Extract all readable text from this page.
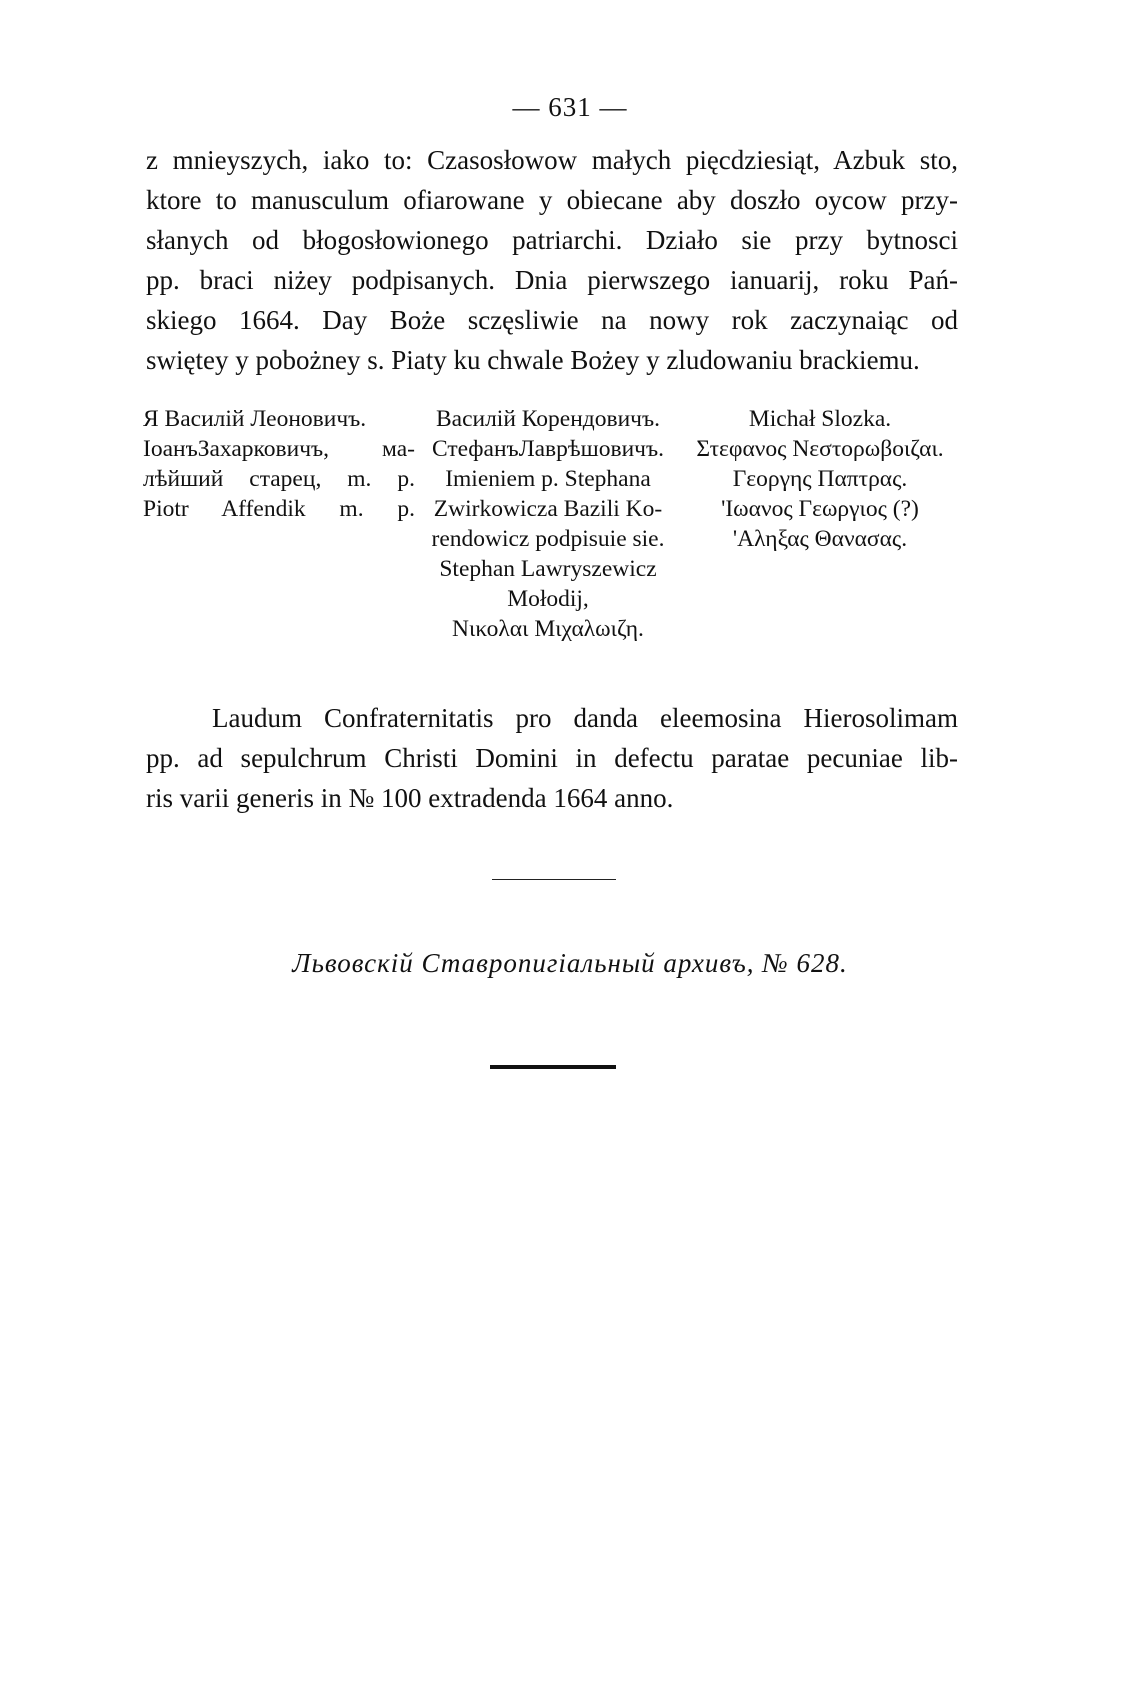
— 631 —
z mnieyszych, iako to: Czasosłowow małych pięcdziesiąt, Azbuk sto,
ktore to manusculum ofiarowane y obiecane aby doszło oycow przy-
słanych od błogosłowionego patriarchi. Działo sie przy bytnosci
pp. braci niżey podpisanych. Dnia pierwszego ianuarij, roku Pań-
skiego 1664. Day Boże sczęsliwie na nowy rok zaczynaiąc od
swiętey y pobożney s. Piaty ku chwale Bożey y zludowaniu brackiemu.
Я Василій Леоновичъ.
ІоанъЗахарковичъ, ма-
лѣйший старец, m. p.
Piotr Affendik m. p.
Василій Корендовичъ.
СтефанъЛаврѣшовичъ.
Imieniem p. Stephana
Zwirkowicza Bazili Ko-
rendowicz podpisuie sie.
Stephan Lawryszewicz
Mołodij,
Νικολαι Μιχαλωιζη.
Michał Slozka.
Στεφανος Νεστορωβοιζαι.
Γεοργης Παπτρας.
'Ιωανος Γεωργιος (?)
'Αληξας Θανασας.
Laudum Confraternitatis pro danda eleemosina Hierosolimam
pp. ad sepulchrum Christi Domini in defectu paratae pecuniae lib-
ris varii generis in № 100 extradenda 1664 anno.
Львовскій Ставропигіальный архивъ, № 628.
